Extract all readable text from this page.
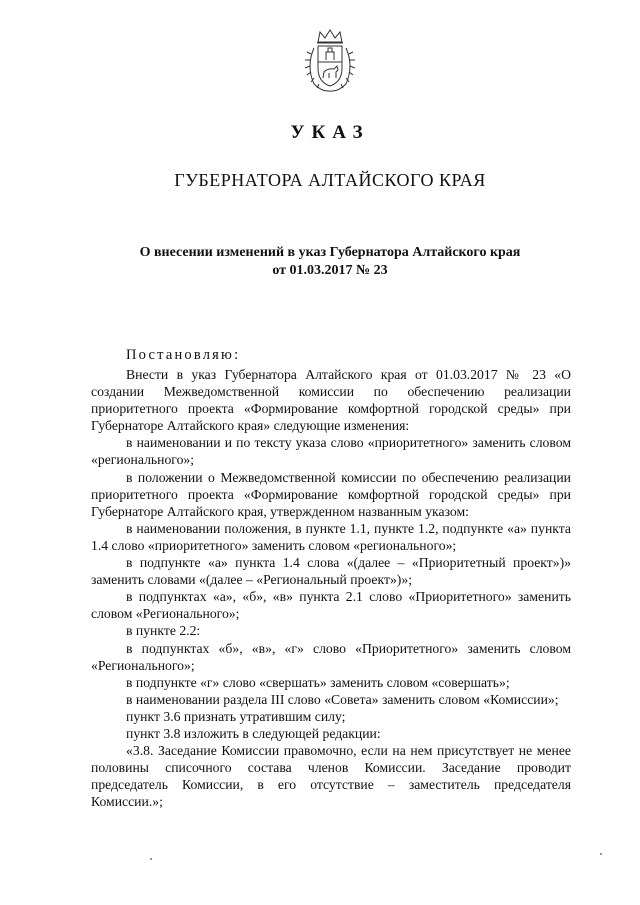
УКАЗ
ГУБЕРНАТОРА АЛТАЙСКОГО КРАЯ
О внесении изменений в указ Губернатора Алтайского края
от 01.03.2017 № 23
Постановляю:

Внести в указ Губернатора Алтайского края от 01.03.2017 № 23 «О создании Межведомственной комиссии по обеспечению реализации приоритетного проекта «Формирование комфортной городской среды» при Губернаторе Алтайского края» следующие изменения:

в наименовании и по тексту указа слово «приоритетного» заменить словом «регионального»;

в положении о Межведомственной комиссии по обеспечению реализации приоритетного проекта «Формирование комфортной городской среды» при Губернаторе Алтайского края, утвержденном названным указом:

в наименовании положения, в пункте 1.1, пункте 1.2, подпункте «а» пункта 1.4 слово «приоритетного» заменить словом «регионального»;

в подпункте «а» пункта 1.4 слова «(далее – «Приоритетный проект»)» заменить словами «(далее – «Региональный проект»)»;

в подпунктах «а», «б», «в» пункта 2.1 слово «Приоритетного» заменить словом «Регионального»;

в пункте 2.2:

в подпунктах «б», «в», «г» слово «Приоритетного» заменить словом «Регионального»;

в подпункте «г» слово «свершать» заменить словом «совершать»;

в наименовании раздела III слово «Совета» заменить словом «Комиссии»;

пункт 3.6 признать утратившим силу;

пункт 3.8 изложить в следующей редакции:

«3.8. Заседание Комиссии правомочно, если на нем присутствует не менее половины списочного состава членов Комиссии. Заседание проводит председатель Комиссии, в его отсутствие – заместитель председателя Комиссии.»;
